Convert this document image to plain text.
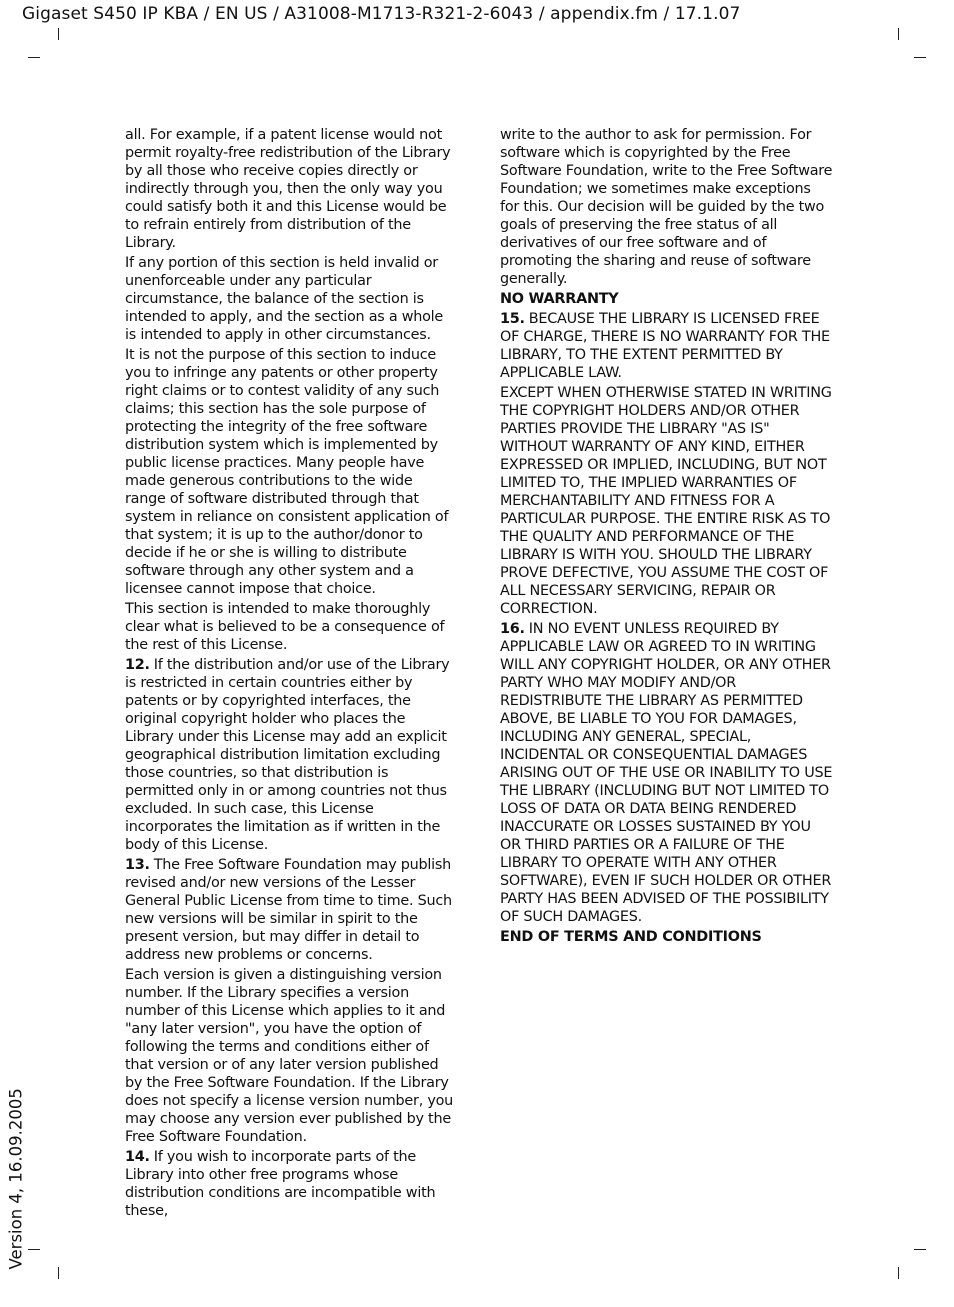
Gigaset S450 IP KBA / EN US / A31008-M1713-R321-2-6043 / appendix.fm / 17.1.07

all. For example, if a patent license would not permit royalty-free redistribution of the Library by all those who receive copies directly or indirectly through you, then the only way you could satisfy both it and this License would be to refrain entirely from distribution of the Library.

If any portion of this section is held invalid or unenforceable under any particular circumstance, the balance of the section is intended to apply, and the section as a whole is intended to apply in other circumstances.

It is not the purpose of this section to induce you to infringe any patents or other property right claims or to contest validity of any such claims; this section has the sole purpose of protecting the integrity of the free software distribution system which is implemented by public license practices. Many people have made generous contributions to the wide range of software distributed through that system in reliance on consistent application of that system; it is up to the author/donor to decide if he or she is willing to distribute software through any other system and a licensee cannot impose that choice.

This section is intended to make thoroughly clear what is believed to be a consequence of the rest of this License.

12. If the distribution and/or use of the Library is restricted in certain countries either by patents or by copyrighted interfaces, the original copyright holder who places the Library under this License may add an explicit geographical distribution limitation excluding those countries, so that distribution is permitted only in or among countries not thus excluded. In such case, this License incorporates the limitation as if written in the body of this License.

13. The Free Software Foundation may publish revised and/or new versions of the Lesser General Public License from time to time. Such new versions will be similar in spirit to the present version, but may differ in detail to address new problems or concerns.

Each version is given a distinguishing version number. If the Library specifies a version number of this License which applies to it and "any later version", you have the option of following the terms and conditions either of that version or of any later version published by the Free Software Foundation. If the Library does not specify a license version number, you may choose any version ever published by the Free Software Foundation.

14. If you wish to incorporate parts of the Library into other free programs whose distribution conditions are incompatible with these,

write to the author to ask for permission. For software which is copyrighted by the Free Software Foundation, write to the Free Software Foundation; we sometimes make exceptions for this. Our decision will be guided by the two goals of preserving the free status of all derivatives of our free software and of promoting the sharing and reuse of software generally.

NO WARRANTY

15. BECAUSE THE LIBRARY IS LICENSED FREE OF CHARGE, THERE IS NO WARRANTY FOR THE LIBRARY, TO THE EXTENT PERMITTED BY APPLICABLE LAW.

EXCEPT WHEN OTHERWISE STATED IN WRITING THE COPYRIGHT HOLDERS AND/OR OTHER PARTIES PROVIDE THE LIBRARY "AS IS" WITHOUT WARRANTY OF ANY KIND, EITHER EXPRESSED OR IMPLIED, INCLUDING, BUT NOT LIMITED TO, THE IMPLIED WARRANTIES OF MERCHANTABILITY AND FITNESS FOR A PARTICULAR PURPOSE. THE ENTIRE RISK AS TO THE QUALITY AND PERFORMANCE OF THE LIBRARY IS WITH YOU. SHOULD THE LIBRARY PROVE DEFECTIVE, YOU ASSUME THE COST OF ALL NECESSARY SERVICING, REPAIR OR CORRECTION.

16. IN NO EVENT UNLESS REQUIRED BY APPLICABLE LAW OR AGREED TO IN WRITING WILL ANY COPYRIGHT HOLDER, OR ANY OTHER PARTY WHO MAY MODIFY AND/OR REDISTRIBUTE THE LIBRARY AS PERMITTED ABOVE, BE LIABLE TO YOU FOR DAMAGES, INCLUDING ANY GENERAL, SPECIAL, INCIDENTAL OR CONSEQUENTIAL DAMAGES ARISING OUT OF THE USE OR INABILITY TO USE THE LIBRARY (INCLUDING BUT NOT LIMITED TO LOSS OF DATA OR DATA BEING RENDERED INACCURATE OR LOSSES SUSTAINED BY YOU OR THIRD PARTIES OR A FAILURE OF THE LIBRARY TO OPERATE WITH ANY OTHER SOFTWARE), EVEN IF SUCH HOLDER OR OTHER PARTY HAS BEEN ADVISED OF THE POSSIBILITY OF SUCH DAMAGES.

END OF TERMS AND CONDITIONS

Version 4, 16.09.2005
